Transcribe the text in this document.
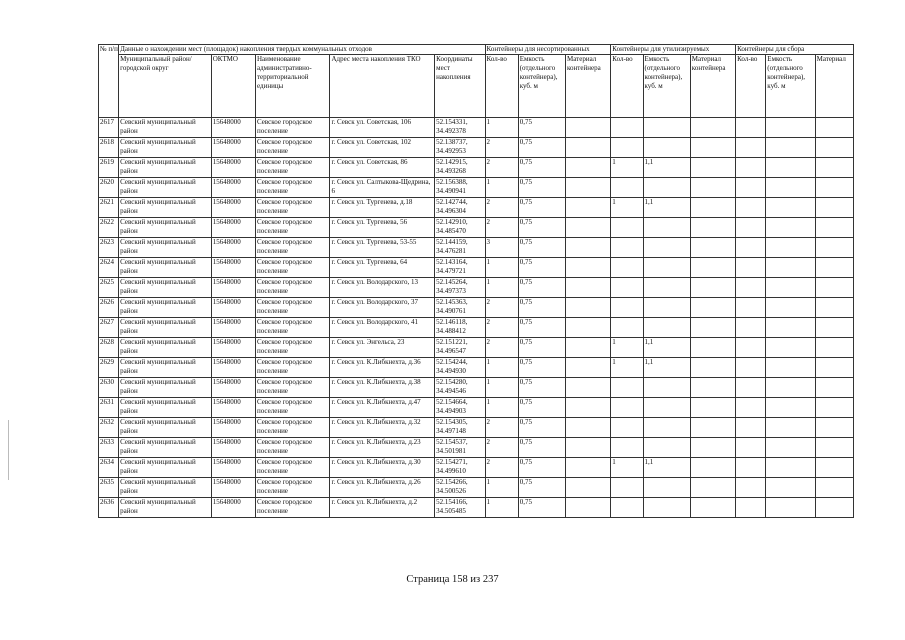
№ п/п	Данные о нахождении мест (площадок) накопления твердых коммунальных отходов					Контейнеры для несортированных			Контейнеры для утилизируемых			Контейнеры для сбора		
	Муниципальный район/городской округ	ОКТМО	Наименование административно-территориальной единицы	Адрес места накопления ТКО	Координаты мест накопления	Кол-во	Емкость (отдельного контейнера), куб. м	Материал контейнера	Кол-во	Емкость (отдельного контейнера), куб. м	Материал контейнера	Кол-во	Емкость (отдельного контейнера), куб. м	Материал
2617	Севский муниципальный район	15648000	Севское городское поселение	г. Севск ул. Советская, 106	52.154331, 34.492378	1	0,75							
2618	Севский муниципальный район	15648000	Севское городское поселение	г. Севск ул. Советская, 102	52.138737, 34.492953	2	0,75							
2619	Севский муниципальный район	15648000	Севское городское поселение	г. Севск ул. Советская, 86	52.142915, 34.493268	2	0,75		1	1,1				
2620	Севский муниципальный район	15648000	Севское городское поселение	г. Севск ул. Салтыкова-Щедрина, 6	52.156388, 34.490941	1	0,75							
2621	Севский муниципальный район	15648000	Севское городское поселение	г. Севск ул. Тургенева, д.18	52.142744, 34.496304	2	0,75		1	1,1				
2622	Севский муниципальный район	15648000	Севское городское поселение	г. Севск ул. Тургенева, 56	52.142910, 34.485470	2	0,75							
2623	Севский муниципальный район	15648000	Севское городское поселение	г. Севск ул. Тургенева, 53-55	52.144159, 34.476281	3	0,75							
2624	Севский муниципальный район	15648000	Севское городское поселение	г. Севск ул. Тургенева, 64	52.143164, 34.479721	1	0,75							
2625	Севский муниципальный район	15648000	Севское городское поселение	г. Севск ул. Володарского, 13	52.145264, 34.497373	1	0,75							
2626	Севский муниципальный район	15648000	Севское городское поселение	г. Севск ул. Володарского, 37	52.145363, 34.490761	2	0,75							
2627	Севский муниципальный район	15648000	Севское городское поселение	г. Севск ул. Володарского, 41	52.146118, 34.488412	2	0,75							
2628	Севский муниципальный район	15648000	Севское городское поселение	г. Севск ул. Энгельса, 23	52.151221, 34.496547	2	0,75		1	1,1				
2629	Севский муниципальный район	15648000	Севское городское поселение	г. Севск ул. К.Либкнехта, д.36	52.154244, 34.494930	1	0,75		1	1,1				
2630	Севский муниципальный район	15648000	Севское городское поселение	г. Севск ул. К.Либкнехта, д.38	52.154280, 34.494546	1	0,75							
2631	Севский муниципальный район	15648000	Севское городское поселение	г. Севск ул. К.Либкнехта, д.47	52.154664, 34.494903	1	0,75							
2632	Севский муниципальный район	15648000	Севское городское поселение	г. Севск ул. К.Либкнехта, д.32	52.154305, 34.497148	2	0,75							
2633	Севский муниципальный район	15648000	Севское городское поселение	г. Севск ул. К.Либкнехта, д.23	52.154537, 34.501981	2	0,75							
2634	Севский муниципальный район	15648000	Севское городское поселение	г. Севск ул. К.Либкнехта, д.30	52.154271, 34.499610	2	0,75		1	1,1				
2635	Севский муниципальный район	15648000	Севское городское поселение	г. Севск ул. К.Либкнехта, д.26	52.154266, 34.500526	1	0,75							
2636	Севский муниципальный район	15648000	Севское городское поселение	г. Севск ул. К.Либкнехта, д.2	52.154166, 34.505485	1	0,75							
Страница 158 из 237
